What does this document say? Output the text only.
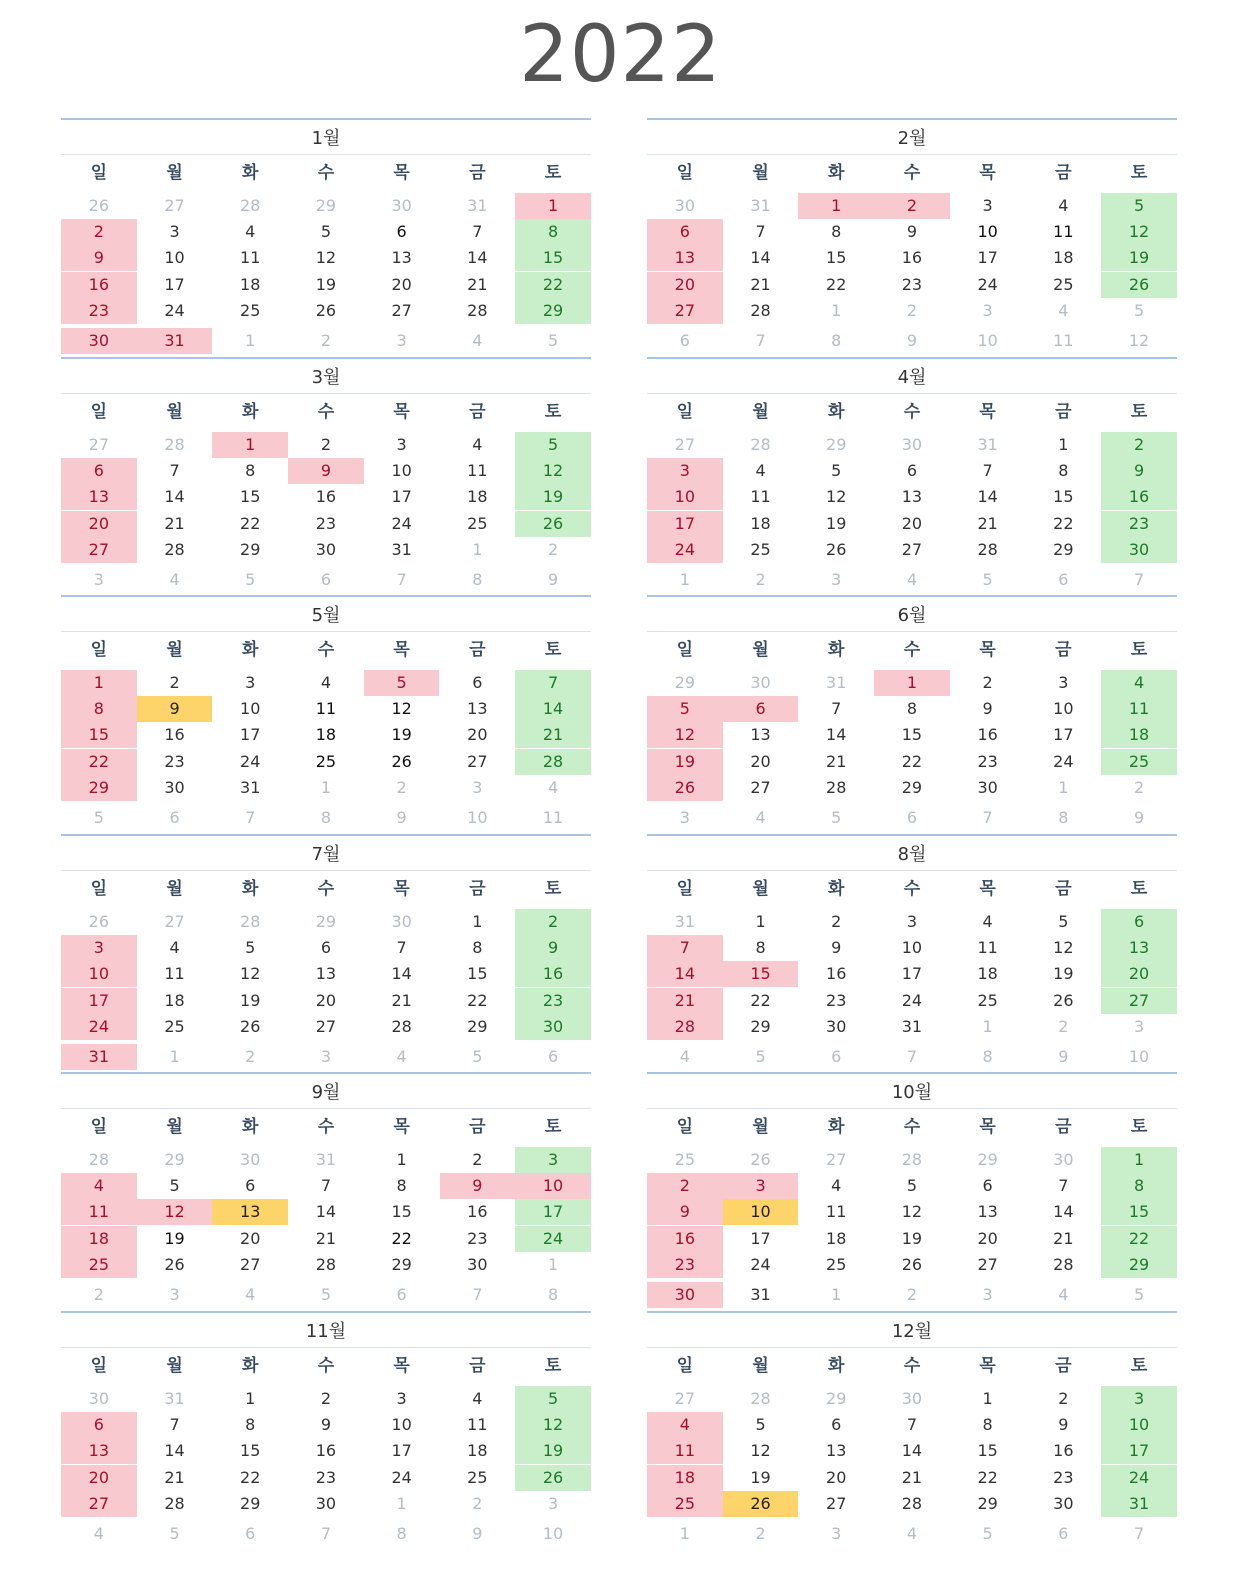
2022
1월
일	월	화	수	목	금	토
26	27	28	29	30	31	1
2	3	4	5	6	7	8
9	10	11	12	13	14	15
16	17	18	19	20	21	22
23	24	25	26	27	28	29
30	31	1	2	3	4	5
2월
일	월	화	수	목	금	토
30	31	1	2	3	4	5
6	7	8	9	10	11	12
13	14	15	16	17	18	19
20	21	22	23	24	25	26
27	28	1	2	3	4	5
6	7	8	9	10	11	12
3월
일	월	화	수	목	금	토
27	28	1	2	3	4	5
6	7	8	9	10	11	12
13	14	15	16	17	18	19
20	21	22	23	24	25	26
27	28	29	30	31	1	2
3	4	5	6	7	8	9
4월
일	월	화	수	목	금	토
27	28	29	30	31	1	2
3	4	5	6	7	8	9
10	11	12	13	14	15	16
17	18	19	20	21	22	23
24	25	26	27	28	29	30
1	2	3	4	5	6	7
5월
일	월	화	수	목	금	토
1	2	3	4	5	6	7
8	9	10	11	12	13	14
15	16	17	18	19	20	21
22	23	24	25	26	27	28
29	30	31	1	2	3	4
5	6	7	8	9	10	11
6월
일	월	화	수	목	금	토
29	30	31	1	2	3	4
5	6	7	8	9	10	11
12	13	14	15	16	17	18
19	20	21	22	23	24	25
26	27	28	29	30	1	2
3	4	5	6	7	8	9
7월
일	월	화	수	목	금	토
26	27	28	29	30	1	2
3	4	5	6	7	8	9
10	11	12	13	14	15	16
17	18	19	20	21	22	23
24	25	26	27	28	29	30
31	1	2	3	4	5	6
8월
일	월	화	수	목	금	토
31	1	2	3	4	5	6
7	8	9	10	11	12	13
14	15	16	17	18	19	20
21	22	23	24	25	26	27
28	29	30	31	1	2	3
4	5	6	7	8	9	10
9월
일	월	화	수	목	금	토
28	29	30	31	1	2	3
4	5	6	7	8	9	10
11	12	13	14	15	16	17
18	19	20	21	22	23	24
25	26	27	28	29	30	1
2	3	4	5	6	7	8
10월
일	월	화	수	목	금	토
25	26	27	28	29	30	1
2	3	4	5	6	7	8
9	10	11	12	13	14	15
16	17	18	19	20	21	22
23	24	25	26	27	28	29
30	31	1	2	3	4	5
11월
일	월	화	수	목	금	토
30	31	1	2	3	4	5
6	7	8	9	10	11	12
13	14	15	16	17	18	19
20	21	22	23	24	25	26
27	28	29	30	1	2	3
4	5	6	7	8	9	10
12월
일	월	화	수	목	금	토
27	28	29	30	1	2	3
4	5	6	7	8	9	10
11	12	13	14	15	16	17
18	19	20	21	22	23	24
25	26	27	28	29	30	31
1	2	3	4	5	6	7
